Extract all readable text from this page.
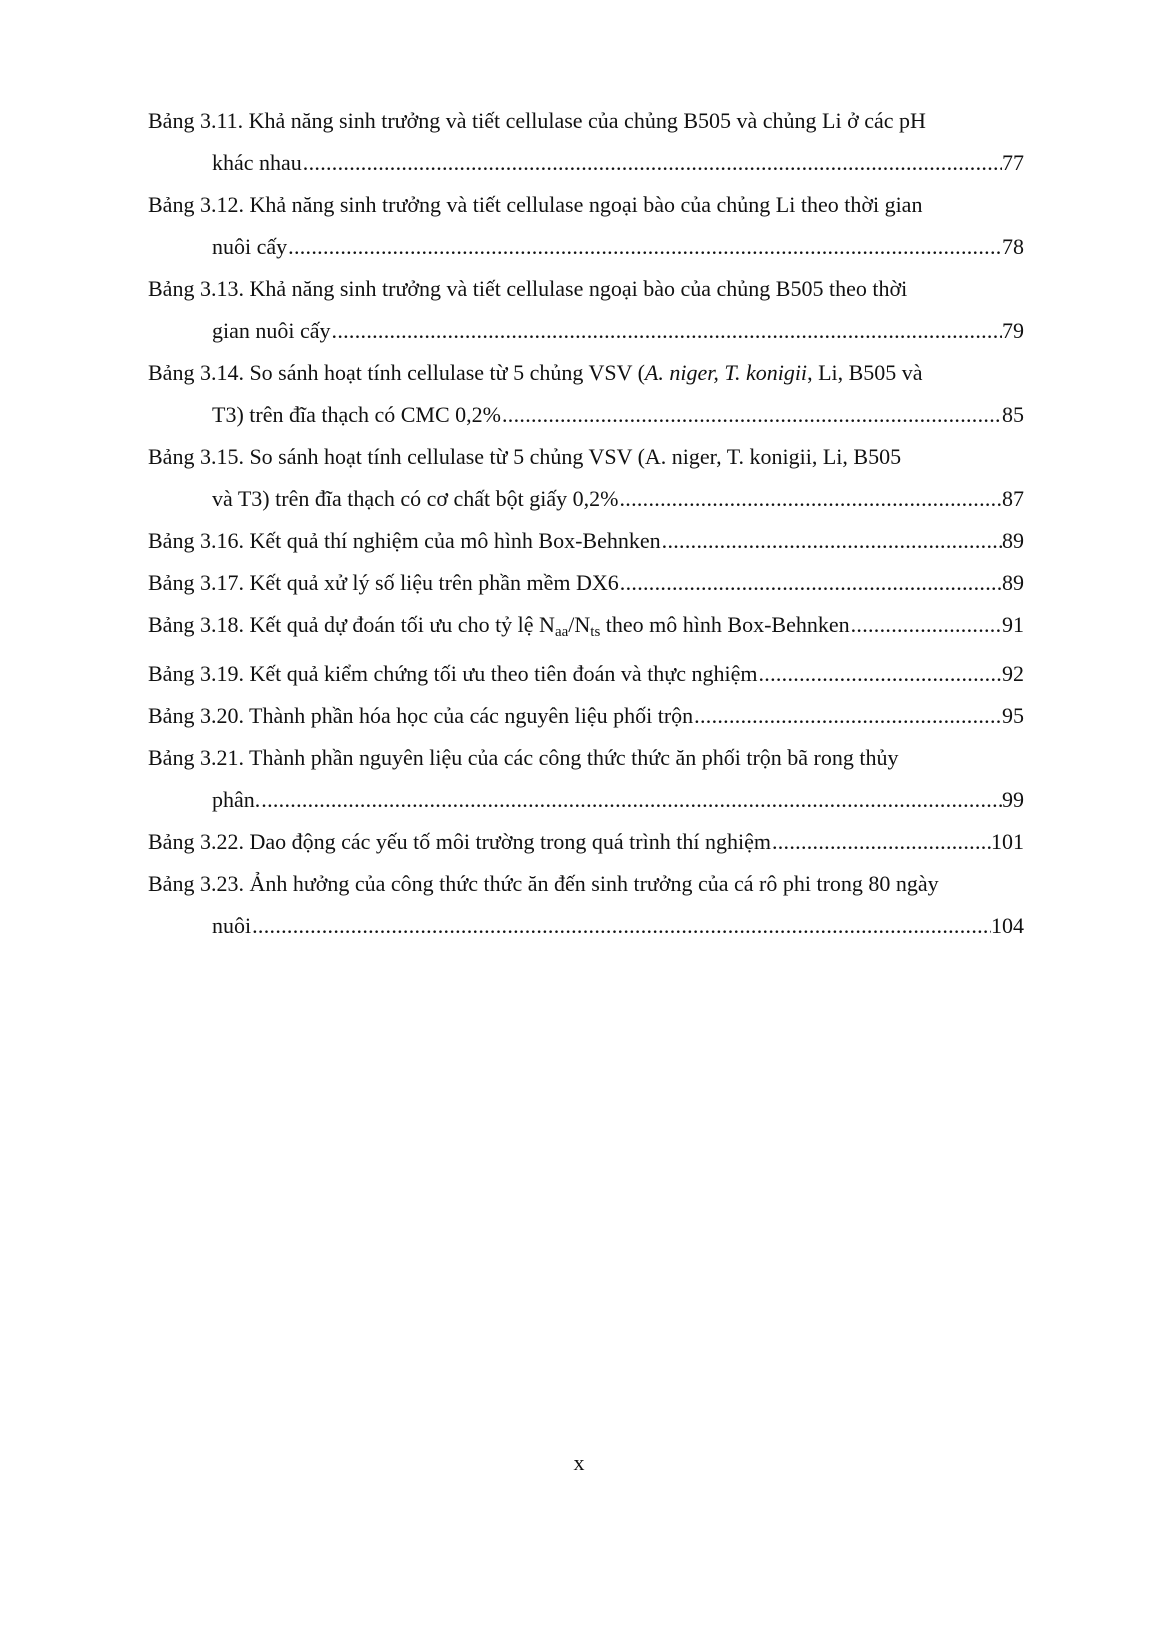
Bảng 3.11. Khả năng sinh trưởng và tiết cellulase của chủng B505 và chủng Li ở các pH
khác nhau . . .	77
Bảng 3.12. Khả năng sinh trưởng và tiết cellulase ngoại bào của chủng Li theo thời gian
nuôi cấy . . .	78
Bảng 3.13. Khả năng sinh trưởng và tiết cellulase ngoại bào của chủng B505 theo thời
gian nuôi cấy . . .	79
Bảng 3.14. So sánh hoạt tính cellulase từ 5 chủng VSV (A. niger, T. konigii, Li, B505 và
T3) trên đĩa thạch có CMC 0,2% . . .	85
Bảng 3.15. So sánh hoạt tính cellulase từ 5 chủng VSV (A. niger, T. konigii, Li, B505
và T3) trên đĩa thạch có cơ chất bột giấy 0,2% . . .	87
Bảng 3.16. Kết quả thí nghiệm của mô hình Box-Behnken . . .	89
Bảng 3.17. Kết quả xử lý số liệu trên phần mềm DX6 . . .	89
Bảng 3.18. Kết quả dự đoán tối ưu cho tỷ lệ $N_{aa}/N_{ts}$ theo mô hình Box-Behnken . . .	91
Bảng 3.19. Kết quả kiểm chứng tối ưu theo tiên đoán và thực nghiệm . . .	92
Bảng 3.20. Thành phần hóa học của các nguyên liệu phối trộn . . .	95
Bảng 3.21. Thành phần nguyên liệu của các công thức thức ăn phối trộn bã rong thủy
phân. . . .	99
Bảng 3.22. Dao động các yếu tố môi trường trong quá trình thí nghiệm . . .	101
Bảng 3.23. Ảnh hưởng của công thức thức ăn đến sinh trưởng của cá rô phi trong 80 ngày
nuôi . . .	104
x
